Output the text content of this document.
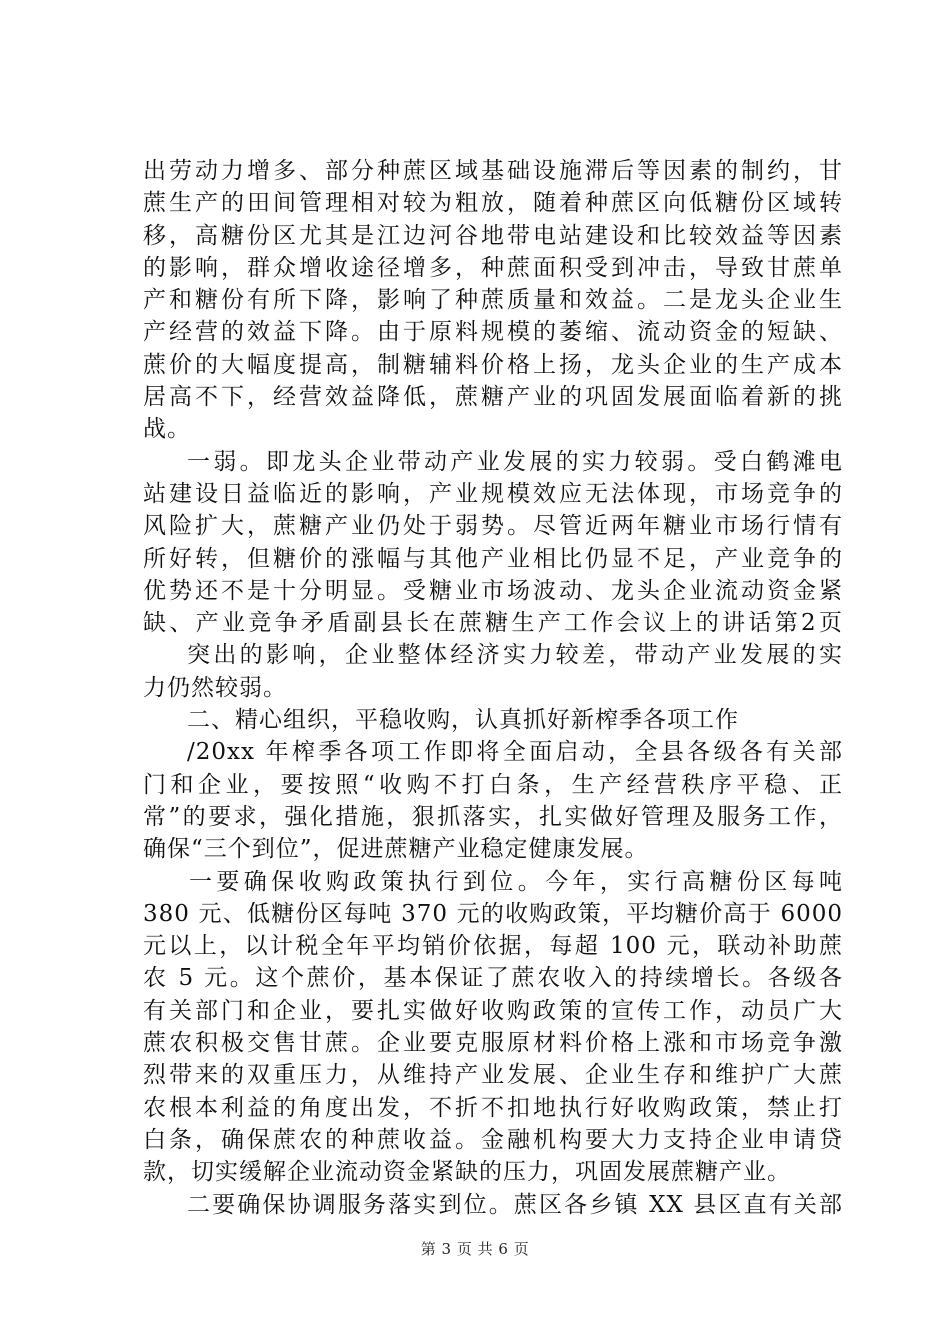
出劳动力增多、部分种蔗区域基础设施滞后等因素的制约，甘
蔗生产的田间管理相对较为粗放，随着种蔗区向低糖份区域转
移，高糖份区尤其是江边河谷地带电站建设和比较效益等因素
的影响，群众增收途径增多，种蔗面积受到冲击，导致甘蔗单
产和糖份有所下降，影响了种蔗质量和效益。二是龙头企业生
产经营的效益下降。由于原料规模的萎缩、流动资金的短缺、
蔗价的大幅度提高，制糖辅料价格上扬，龙头企业的生产成本
居高不下，经营效益降低，蔗糖产业的巩固发展面临着新的挑
战。
一弱。即龙头企业带动产业发展的实力较弱。受白鹤滩电
站建设日益临近的影响，产业规模效应无法体现，市场竞争的
风险扩大，蔗糖产业仍处于弱势。尽管近两年糖业市场行情有
所好转，但糖价的涨幅与其他产业相比仍显不足，产业竞争的
优势还不是十分明显。受糖业市场波动、龙头企业流动资金紧
缺、产业竞争矛盾副县长在蔗糖生产工作会议上的讲话第2页
突出的影响，企业整体经济实力较差，带动产业发展的实
力仍然较弱。
二、精心组织，平稳收购，认真抓好新榨季各项工作
/20xx 年榨季各项工作即将全面启动，全县各级各有关部
门和企业，要按照“收购不打白条，生产经营秩序平稳、正
常”的要求，强化措施，狠抓落实，扎实做好管理及服务工作，
确保“三个到位”，促进蔗糖产业稳定健康发展。
一要确保收购政策执行到位。今年，实行高糖份区每吨
380 元、低糖份区每吨 370 元的收购政策，平均糖价高于 6000
元以上，以计税全年平均销价依据，每超 100 元，联动补助蔗
农 5 元。这个蔗价，基本保证了蔗农收入的持续增长。各级各
有关部门和企业，要扎实做好收购政策的宣传工作，动员广大
蔗农积极交售甘蔗。企业要克服原材料价格上涨和市场竞争激
烈带来的双重压力，从维持产业发展、企业生存和维护广大蔗
农根本利益的角度出发，不折不扣地执行好收购政策，禁止打
白条，确保蔗农的种蔗收益。金融机构要大力支持企业申请贷
款，切实缓解企业流动资金紧缺的压力，巩固发展蔗糖产业。
二要确保协调服务落实到位。蔗区各乡镇 XX 县区直有关部
第 3 页 共 6 页
